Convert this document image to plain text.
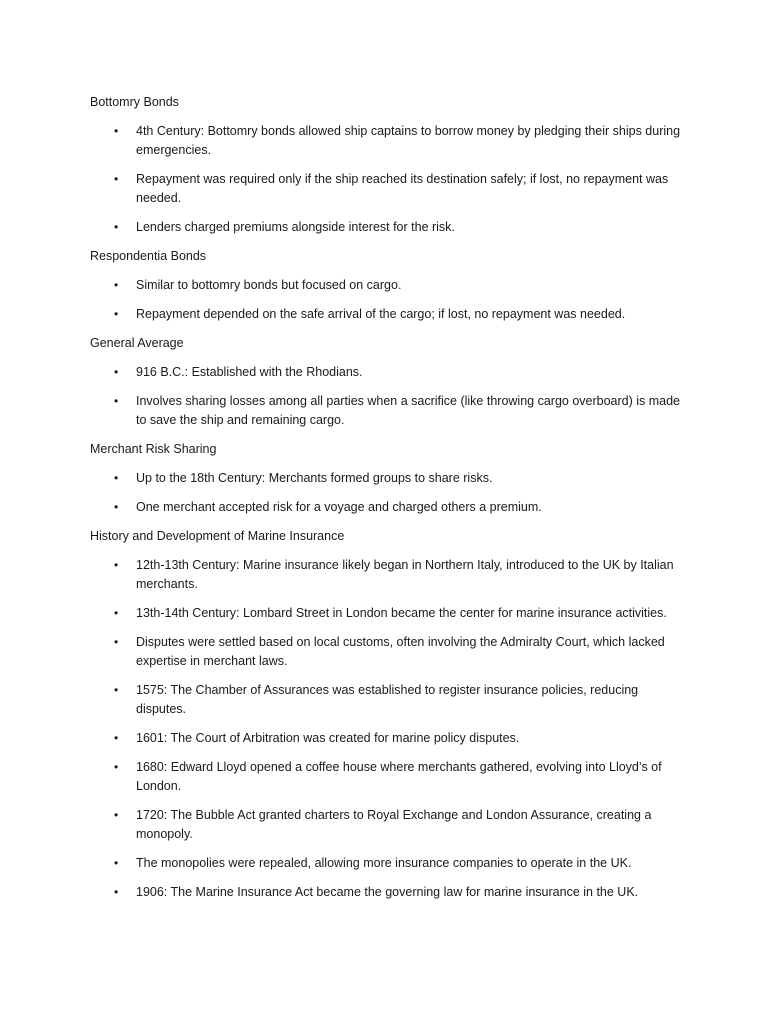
Bottomry Bonds

• 4th Century: Bottomry bonds allowed ship captains to borrow money by pledging their ships during emergencies.
• Repayment was required only if the ship reached its destination safely; if lost, no repayment was needed.
• Lenders charged premiums alongside interest for the risk.

Respondentia Bonds

• Similar to bottomry bonds but focused on cargo.
• Repayment depended on the safe arrival of the cargo; if lost, no repayment was needed.

General Average

• 916 B.C.: Established with the Rhodians.
• Involves sharing losses among all parties when a sacrifice (like throwing cargo overboard) is made to save the ship and remaining cargo.

Merchant Risk Sharing

• Up to the 18th Century: Merchants formed groups to share risks.
• One merchant accepted risk for a voyage and charged others a premium.

History and Development of Marine Insurance

• 12th-13th Century: Marine insurance likely began in Northern Italy, introduced to the UK by Italian merchants.
• 13th-14th Century: Lombard Street in London became the center for marine insurance activities.
• Disputes were settled based on local customs, often involving the Admiralty Court, which lacked expertise in merchant laws.
• 1575: The Chamber of Assurances was established to register insurance policies, reducing disputes.
• 1601: The Court of Arbitration was created for marine policy disputes.
• 1680: Edward Lloyd opened a coffee house where merchants gathered, evolving into Lloyd’s of London.
• 1720: The Bubble Act granted charters to Royal Exchange and London Assurance, creating a monopoly.
• The monopolies were repealed, allowing more insurance companies to operate in the UK.
• 1906: The Marine Insurance Act became the governing law for marine insurance in the UK.
